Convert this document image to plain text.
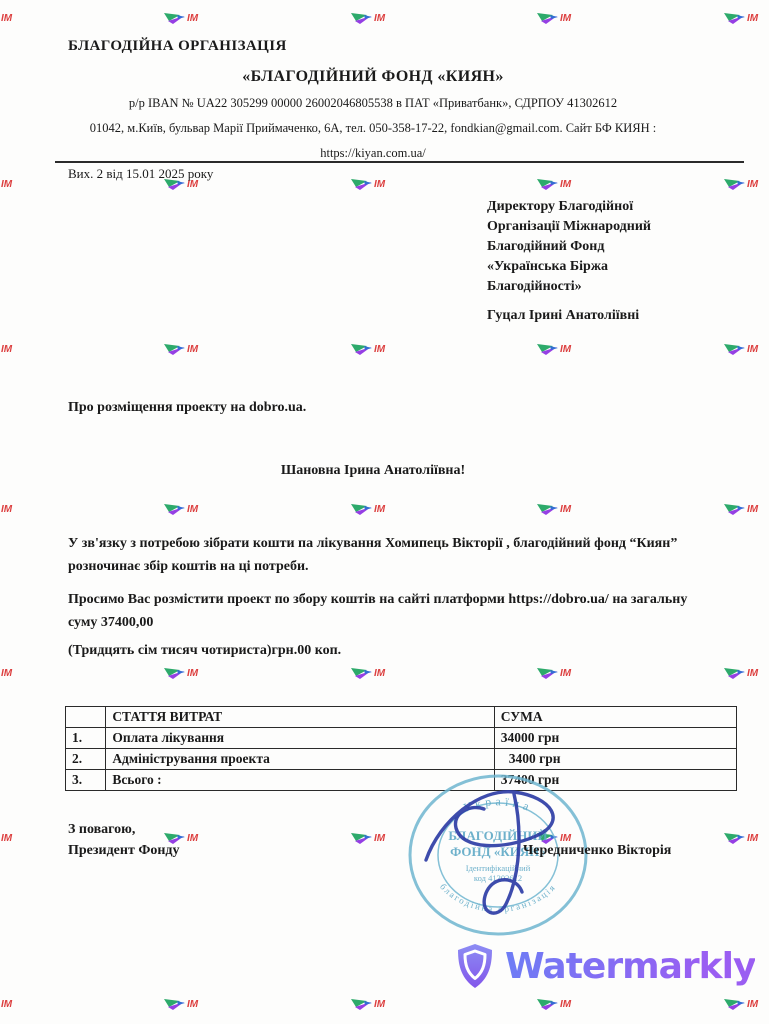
ІМ	ІМ	ІМ	ІМ	ІМ
ІМ	ІМ	ІМ	ІМ	ІМ
ІМ	ІМ	ІМ	ІМ	ІМ
ІМ	ІМ	ІМ	ІМ	ІМ
ІМ	ІМ	ІМ	ІМ	ІМ
ІМ	ІМ	ІМ	ІМ	ІМ
ІМ	ІМ	ІМ	ІМ	ІМ
БЛАГОДІЙНА ОРГАНІЗАЦІЯ
«БЛАГОДІЙНИЙ ФОНД «КИЯН»
р/р IBAN № UA22 305299 00000 26002046805538 в ПАТ «Приватбанк», СДРПОУ 41302612
01042, м.Київ, бульвар Марії Приймаченко, 6А, тел. 050-358-17-22, fondkian@gmail.com. Сайт БФ КИЯН :
https://kiyan.com.ua/
Вих. 2 від 15.01 2025 року
Директору Благодійної
Організації Міжнародний
Благодійний Фонд
«Українська Біржа
Благодійності»
Гуцал Ірині Анатоліївні
Про розміщення проекту на dobro.ua.
Шановна Ірина Анатоліївна!
У зв'язку з потребою зібрати кошти па лікування Хомипець Вікторії , благодійний фонд “Киян” розночинає збір коштів на ці потреби.
Просимо Вас розмістити проект по збору коштів на сайті платформи https://dobro.ua/ на загальну суму 37400,00
(Тридцять сім тисяч чотириста)грн.00 коп.
	СТАТТЯ ВИТРАТ	СУМА
1.	Оплата лікування	34000 грн
2.	Адміністрування проекта	3400 грн
3.	Всього :	37400 грн
З повагою,
Президент Фонду	Чередниченко Вікторія
Україна
благодійна організація
БЛАГОДІЙНИЙ
ФОНД «КИЯН»
Ідентифікаційний
код 41302612
Watermarkly
